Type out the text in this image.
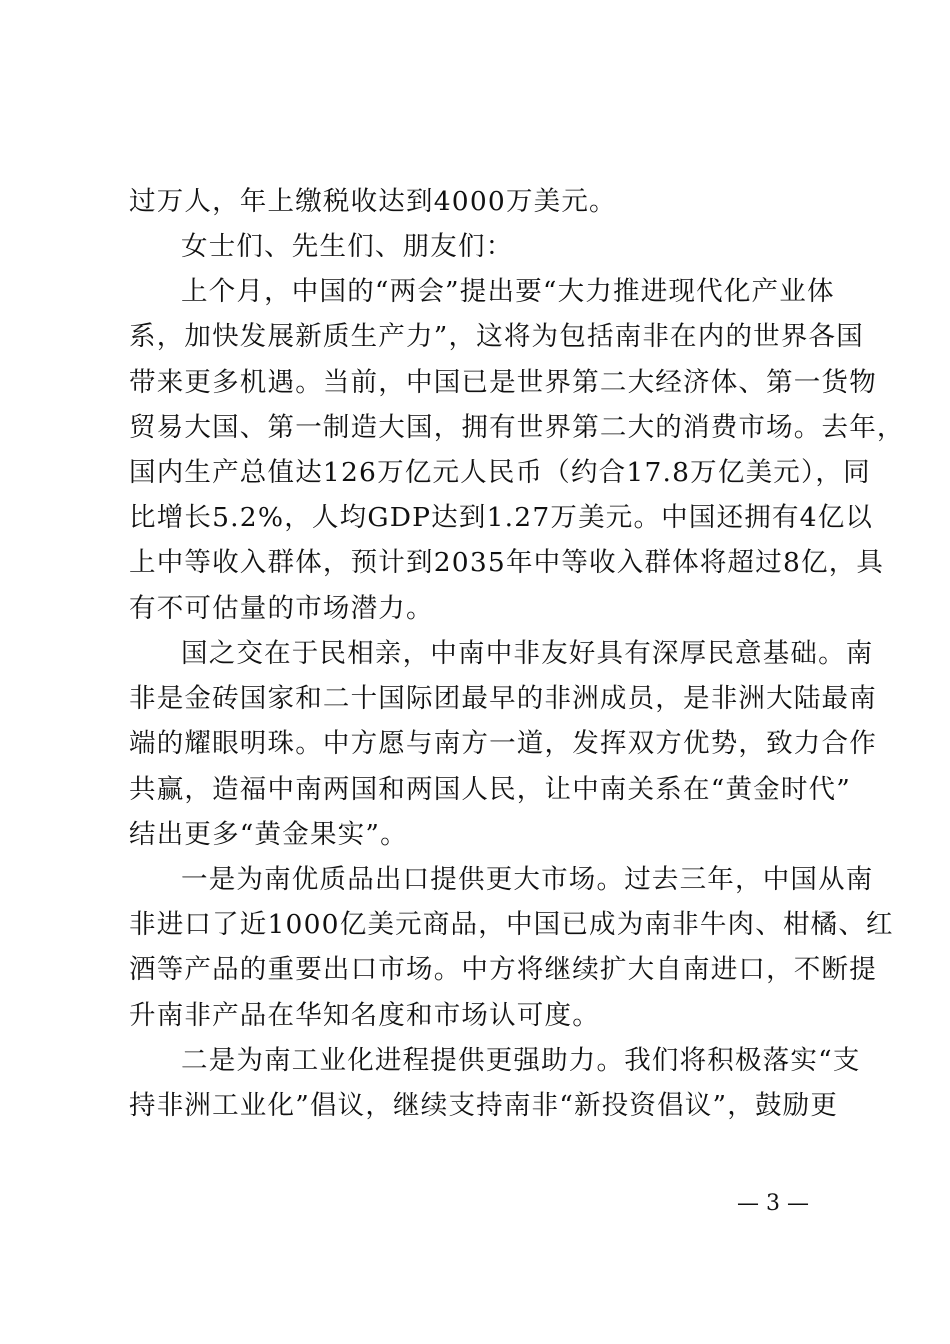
过万人，年上缴税收达到4000万美元。
女士们、先生们、朋友们：
上个月，中国的“两会”提出要“大力推进现代化产业体
系，加快发展新质生产力”，这将为包括南非在内的世界各国
带来更多机遇。当前，中国已是世界第二大经济体、第一货物
贸易大国、第一制造大国，拥有世界第二大的消费市场。去年，
国内生产总值达126万亿元人民币（约合17.8万亿美元），同
比增长5.2%，人均GDP达到1.27万美元。中国还拥有4亿以
上中等收入群体，预计到2035年中等收入群体将超过8亿，具
有不可估量的市场潜力。
国之交在于民相亲，中南中非友好具有深厚民意基础。南
非是金砖国家和二十国际团最早的非洲成员，是非洲大陆最南
端的耀眼明珠。中方愿与南方一道，发挥双方优势，致力合作
共赢，造福中南两国和两国人民，让中南关系在“黄金时代”
结出更多“黄金果实”。
一是为南优质品出口提供更大市场。过去三年，中国从南
非进口了近1000亿美元商品，中国已成为南非牛肉、柑橘、红
酒等产品的重要出口市场。中方将继续扩大自南进口，不断提
升南非产品在华知名度和市场认可度。
二是为南工业化进程提供更强助力。我们将积极落实“支
持非洲工业化”倡议，继续支持南非“新投资倡议”，鼓励更
— 3 —
